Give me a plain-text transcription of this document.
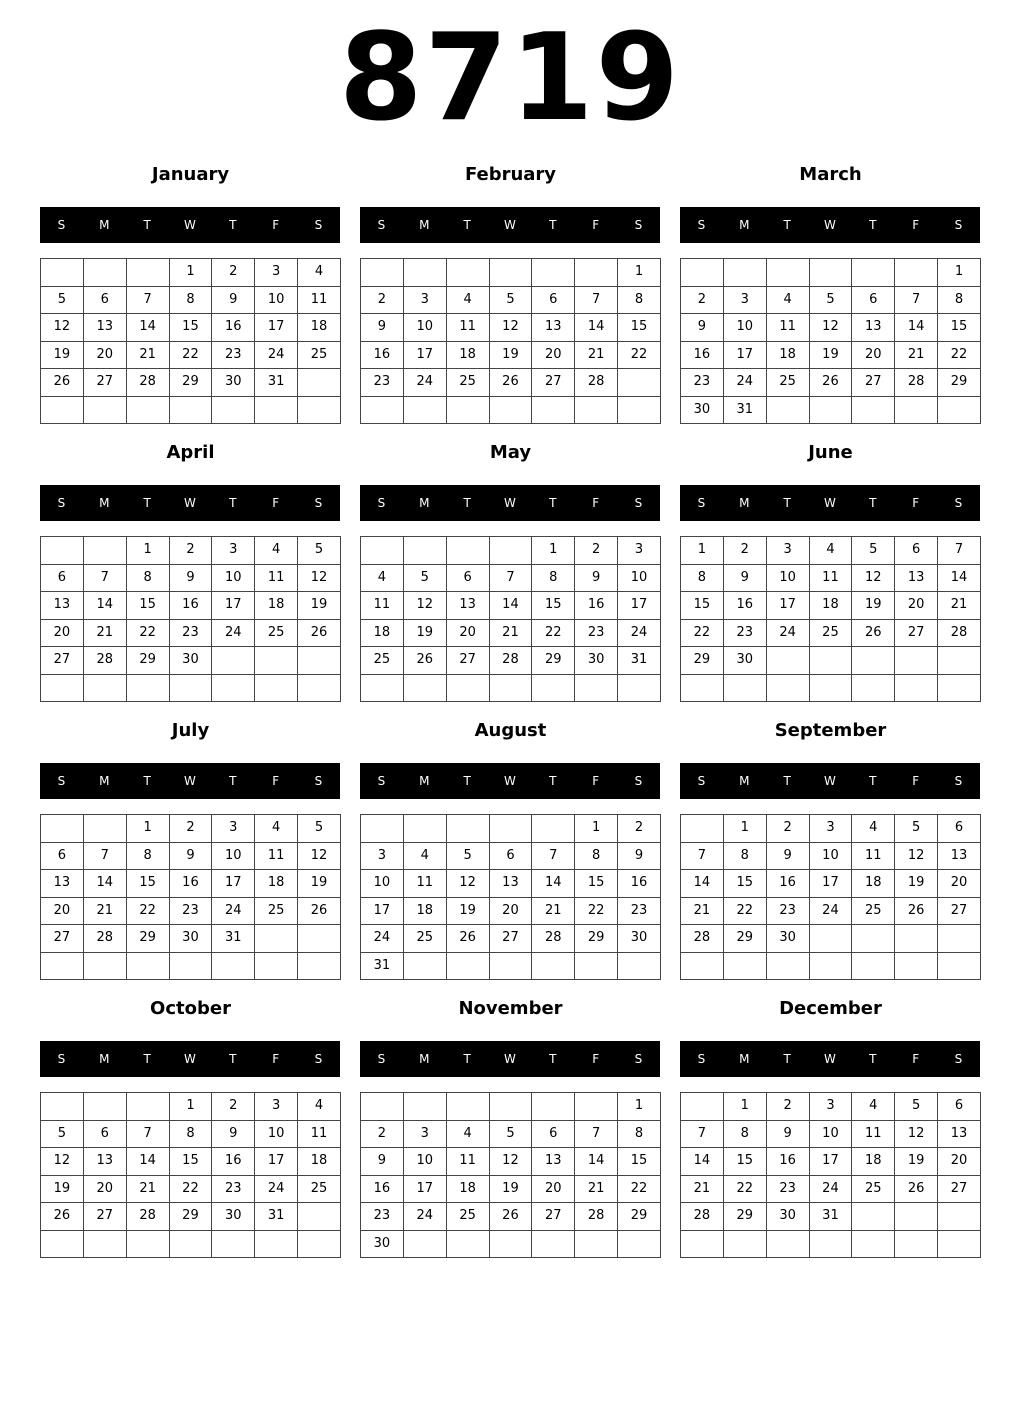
8719
January
S	M	T	W	T	F	S
			1	2	3	4
5	6	7	8	9	10	11
12	13	14	15	16	17	18
19	20	21	22	23	24	25
26	27	28	29	30	31	

February
S	M	T	W	T	F	S
						1
2	3	4	5	6	7	8
9	10	11	12	13	14	15
16	17	18	19	20	21	22
23	24	25	26	27	28	

March
S	M	T	W	T	F	S
						1
2	3	4	5	6	7	8
9	10	11	12	13	14	15
16	17	18	19	20	21	22
23	24	25	26	27	28	29
30	31					
April
S	M	T	W	T	F	S
		1	2	3	4	5
6	7	8	9	10	11	12
13	14	15	16	17	18	19
20	21	22	23	24	25	26
27	28	29	30			

May
S	M	T	W	T	F	S
				1	2	3
4	5	6	7	8	9	10
11	12	13	14	15	16	17
18	19	20	21	22	23	24
25	26	27	28	29	30	31

June
S	M	T	W	T	F	S
1	2	3	4	5	6	7
8	9	10	11	12	13	14
15	16	17	18	19	20	21
22	23	24	25	26	27	28
29	30					

July
S	M	T	W	T	F	S
		1	2	3	4	5
6	7	8	9	10	11	12
13	14	15	16	17	18	19
20	21	22	23	24	25	26
27	28	29	30	31		

August
S	M	T	W	T	F	S
					1	2
3	4	5	6	7	8	9
10	11	12	13	14	15	16
17	18	19	20	21	22	23
24	25	26	27	28	29	30
31						
September
S	M	T	W	T	F	S
	1	2	3	4	5	6
7	8	9	10	11	12	13
14	15	16	17	18	19	20
21	22	23	24	25	26	27
28	29	30				

October
S	M	T	W	T	F	S
			1	2	3	4
5	6	7	8	9	10	11
12	13	14	15	16	17	18
19	20	21	22	23	24	25
26	27	28	29	30	31	

November
S	M	T	W	T	F	S
						1
2	3	4	5	6	7	8
9	10	11	12	13	14	15
16	17	18	19	20	21	22
23	24	25	26	27	28	29
30						
December
S	M	T	W	T	F	S
	1	2	3	4	5	6
7	8	9	10	11	12	13
14	15	16	17	18	19	20
21	22	23	24	25	26	27
28	29	30	31			
